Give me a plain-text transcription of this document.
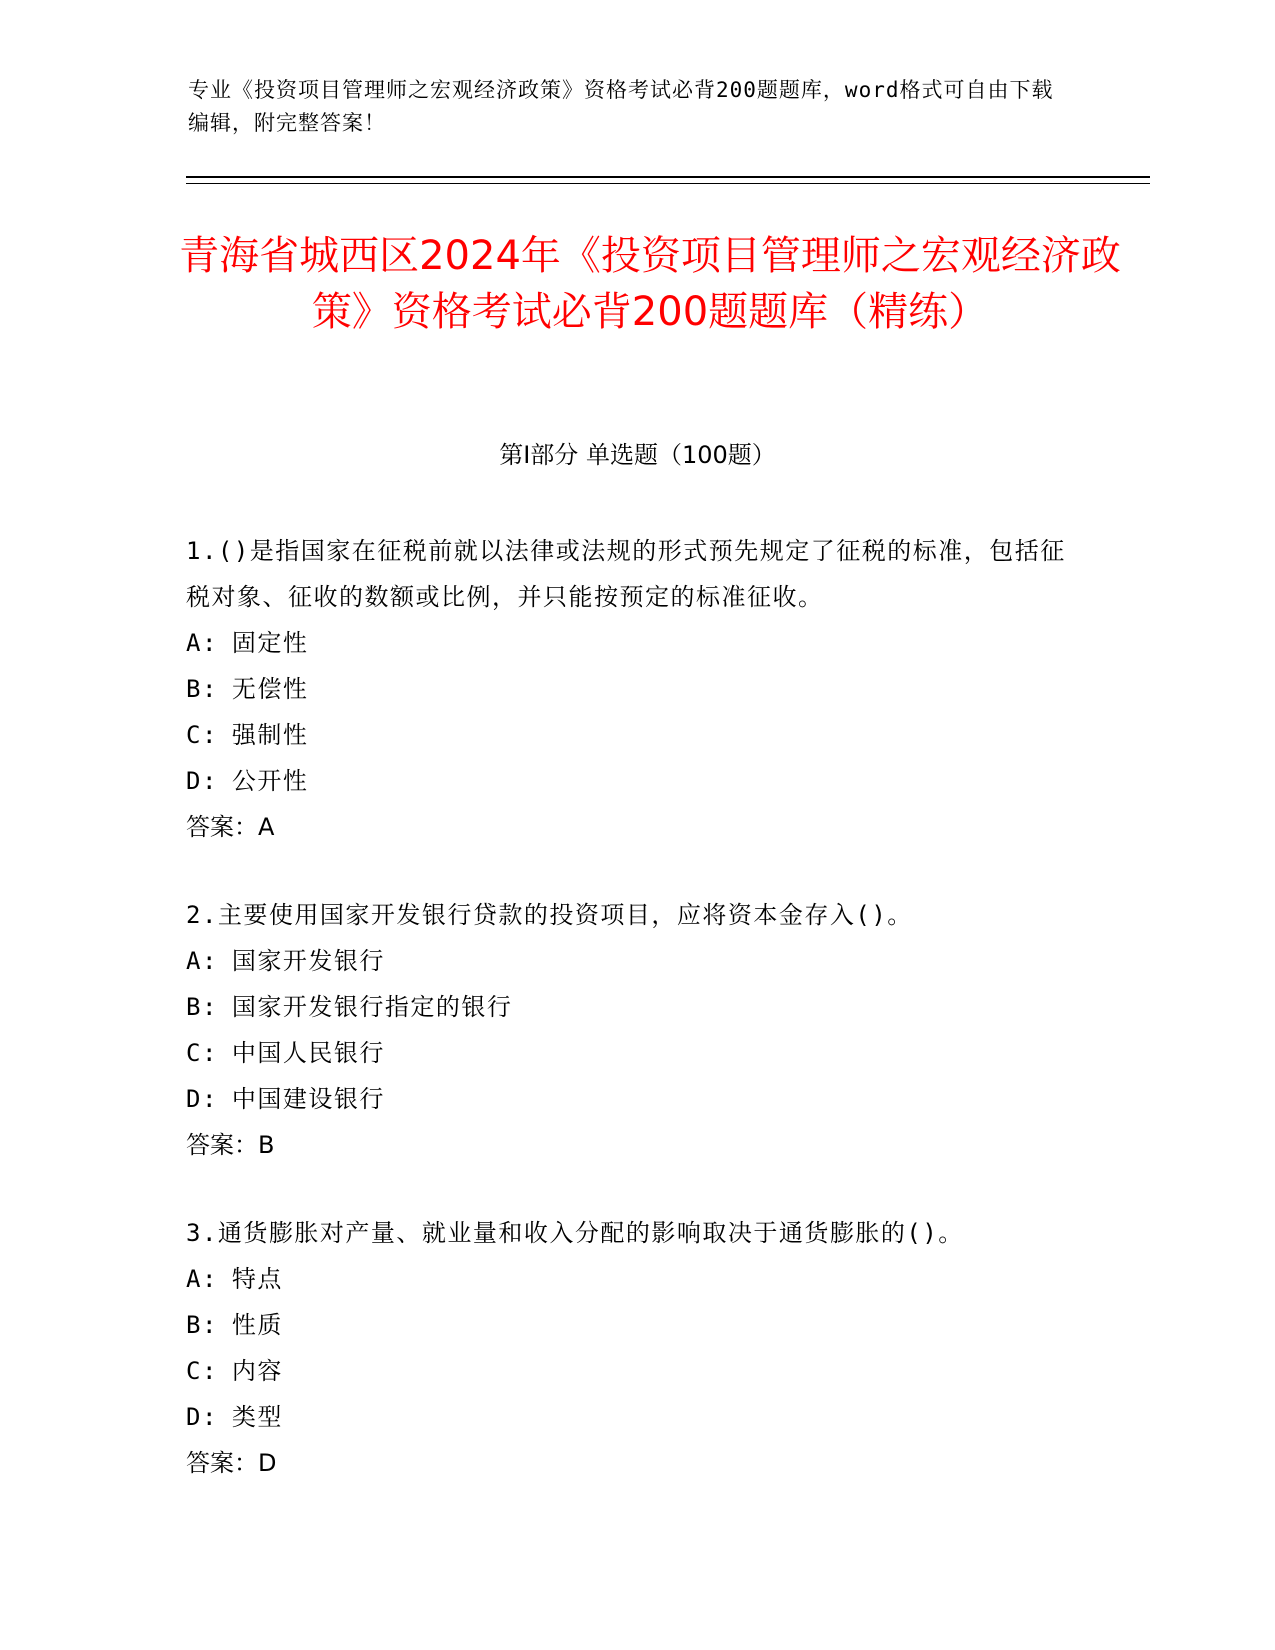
专业《投资项目管理师之宏观经济政策》资格考试必背200题题库，word格式可自由下载编辑，附完整答案！
青海省城西区2024年《投资项目管理师之宏观经济政策》资格考试必背200题题库（精练）
第Ⅰ部分 单选题（100题）
1.()是指国家在征税前就以法律或法规的形式预先规定了征税的标准，包括征税对象、征收的数额或比例，并只能按预定的标准征收。
A: 固定性
B: 无偿性
C: 强制性
D: 公开性
答案：A
2.主要使用国家开发银行贷款的投资项目，应将资本金存入()。
A: 国家开发银行
B: 国家开发银行指定的银行
C: 中国人民银行
D: 中国建设银行
答案：B
3.通货膨胀对产量、就业量和收入分配的影响取决于通货膨胀的()。
A: 特点
B: 性质
C: 内容
D: 类型
答案：D
